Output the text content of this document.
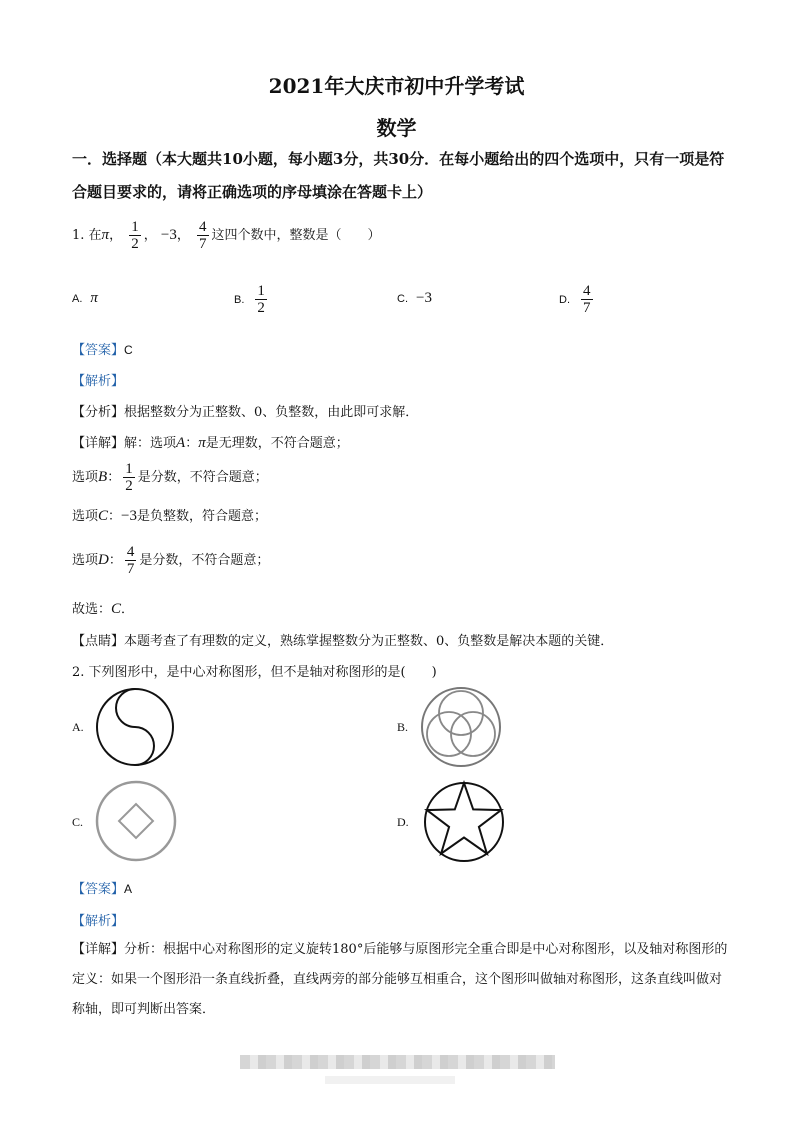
2021年大庆市初中升学考试
数学
一．选择题（本大题共10小题，每小题3分，共30分．在每小题给出的四个选项中，只有一项是符合题目要求的，请将正确选项的序母填涂在答题卡上）
1. 在π， $\frac{1}{2}$ ， −3， $\frac{4}{7}$ 这四个数中，整数是（　　）
A. π	B. $\frac{1}{2}$	C. −3	D. $\frac{4}{7}$
【答案】C
【解析】
【分析】根据整数分为正整数、0、负整数，由此即可求解．
【详解】解：选项A：π是无理数，不符合题意；
选项B： $\frac{1}{2}$ 是分数，不符合题意；
选项C：−3是负整数，符合题意；
选项D： $\frac{4}{7}$ 是分数，不符合题意；
故选：C．
【点睛】本题考查了有理数的定义，熟练掌握整数分为正整数、0、负整数是解决本题的关键．
2. 下列图形中，是中心对称图形，但不是轴对称图形的是(　　)
A.	B.
C.	D.
【答案】A
【解析】
【详解】分析：根据中心对称图形的定义旋转180°后能够与原图形完全重合即是中心对称图形，以及轴对称图形的定义：如果一个图形沿一条直线折叠，直线两旁的部分能够互相重合，这个图形叫做轴对称图形，这条直线叫做对称轴，即可判断出答案．
